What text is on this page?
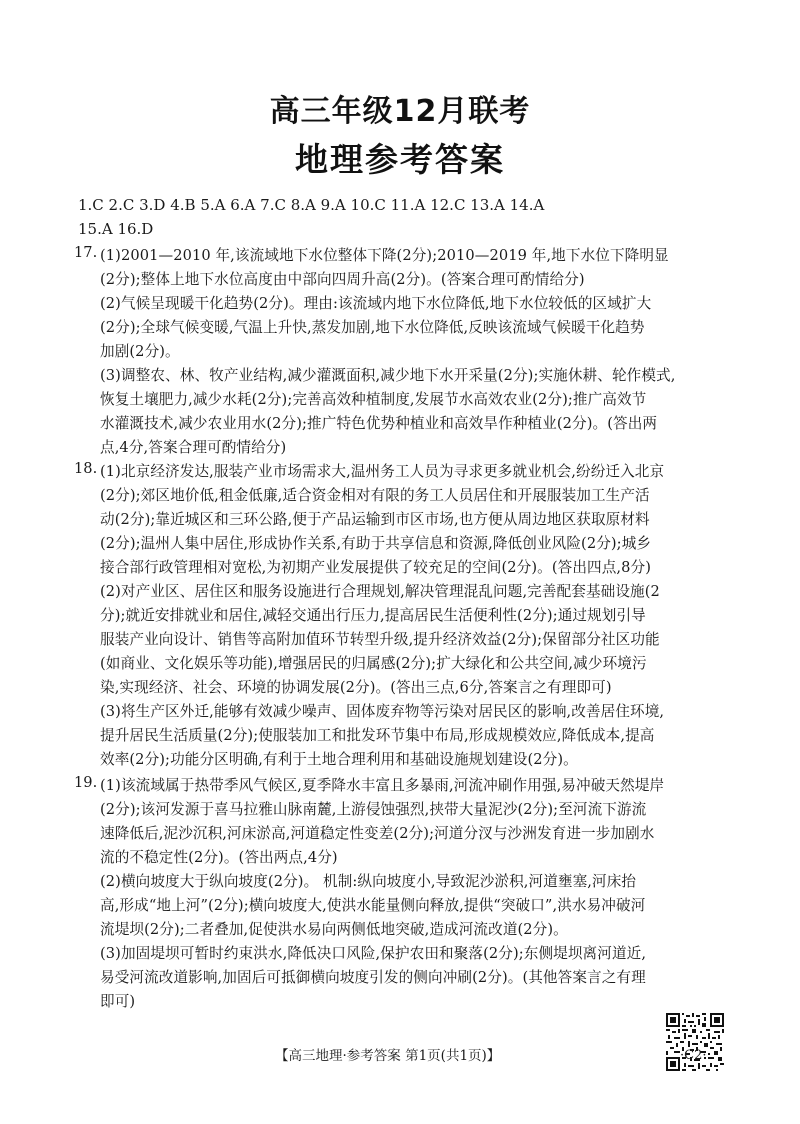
高三年级12月联考
地理参考答案
1.C 2.C 3.D 4.B 5.A 6.A 7.C 8.A 9.A 10.C 11.A 12.C 13.A 14.A
15.A 16.D
17. (1)2001—2010 年,该流域地下水位整体下降(2分);2010—2019 年,地下水位下降明显
(2分);整体上地下水位高度由中部向四周升高(2分)。(答案合理可酌情给分)
(2)气候呈现暖干化趋势(2分)。理由:该流域内地下水位降低,地下水位较低的区域扩大
(2分);全球气候变暖,气温上升快,蒸发加剧,地下水位降低,反映该流域气候暖干化趋势
加剧(2分)。
(3)调整农、林、牧产业结构,减少灌溉面积,减少地下水开采量(2分);实施休耕、轮作模式,
恢复土壤肥力,减少水耗(2分);完善高效种植制度,发展节水高效农业(2分);推广高效节
水灌溉技术,减少农业用水(2分);推广特色优势种植业和高效旱作种植业(2分)。(答出两
点,4分,答案合理可酌情给分)
18. (1)北京经济发达,服装产业市场需求大,温州务工人员为寻求更多就业机会,纷纷迁入北京
(2分);郊区地价低,租金低廉,适合资金相对有限的务工人员居住和开展服装加工生产活
动(2分);靠近城区和三环公路,便于产品运输到市区市场,也方便从周边地区获取原材料
(2分);温州人集中居住,形成协作关系,有助于共享信息和资源,降低创业风险(2分);城乡
接合部行政管理相对宽松,为初期产业发展提供了较充足的空间(2分)。(答出四点,8分)
(2)对产业区、居住区和服务设施进行合理规划,解决管理混乱问题,完善配套基础设施(2
分);就近安排就业和居住,减轻交通出行压力,提高居民生活便利性(2分);通过规划引导
服装产业向设计、销售等高附加值环节转型升级,提升经济效益(2分);保留部分社区功能
(如商业、文化娱乐等功能),增强居民的归属感(2分);扩大绿化和公共空间,减少环境污
染,实现经济、社会、环境的协调发展(2分)。(答出三点,6分,答案言之有理即可)
(3)将生产区外迁,能够有效减少噪声、固体废弃物等污染对居民区的影响,改善居住环境,
提升居民生活质量(2分);使服装加工和批发环节集中布局,形成规模效应,降低成本,提高
效率(2分);功能分区明确,有利于土地合理利用和基础设施规划建设(2分)。
19. (1)该流域属于热带季风气候区,夏季降水丰富且多暴雨,河流冲刷作用强,易冲破天然堤岸
(2分);该河发源于喜马拉雅山脉南麓,上游侵蚀强烈,挟带大量泥沙(2分);至河流下游流
速降低后,泥沙沉积,河床淤高,河道稳定性变差(2分);河道分汊与沙洲发育进一步加剧水
流的不稳定性(2分)。(答出两点,4分)
(2)横向坡度大于纵向坡度(2分)。 机制:纵向坡度小,导致泥沙淤积,河道壅塞,河床抬
高,形成“地上河”(2分);横向坡度大,使洪水能量侧向释放,提供“突破口”,洪水易冲破河
流堤坝(2分);二者叠加,促使洪水易向两侧低地突破,造成河流改道(2分)。
(3)加固堤坝可暂时约束洪水,降低决口风险,保护农田和聚落(2分);东侧堤坝离河道近,
易受河流改道影响,加固后可抵御横向坡度引发的侧向冲刷(2分)。(其他答案言之有理
即可)
【高三地理·参考答案 第1页(共1页)】	·C2·
